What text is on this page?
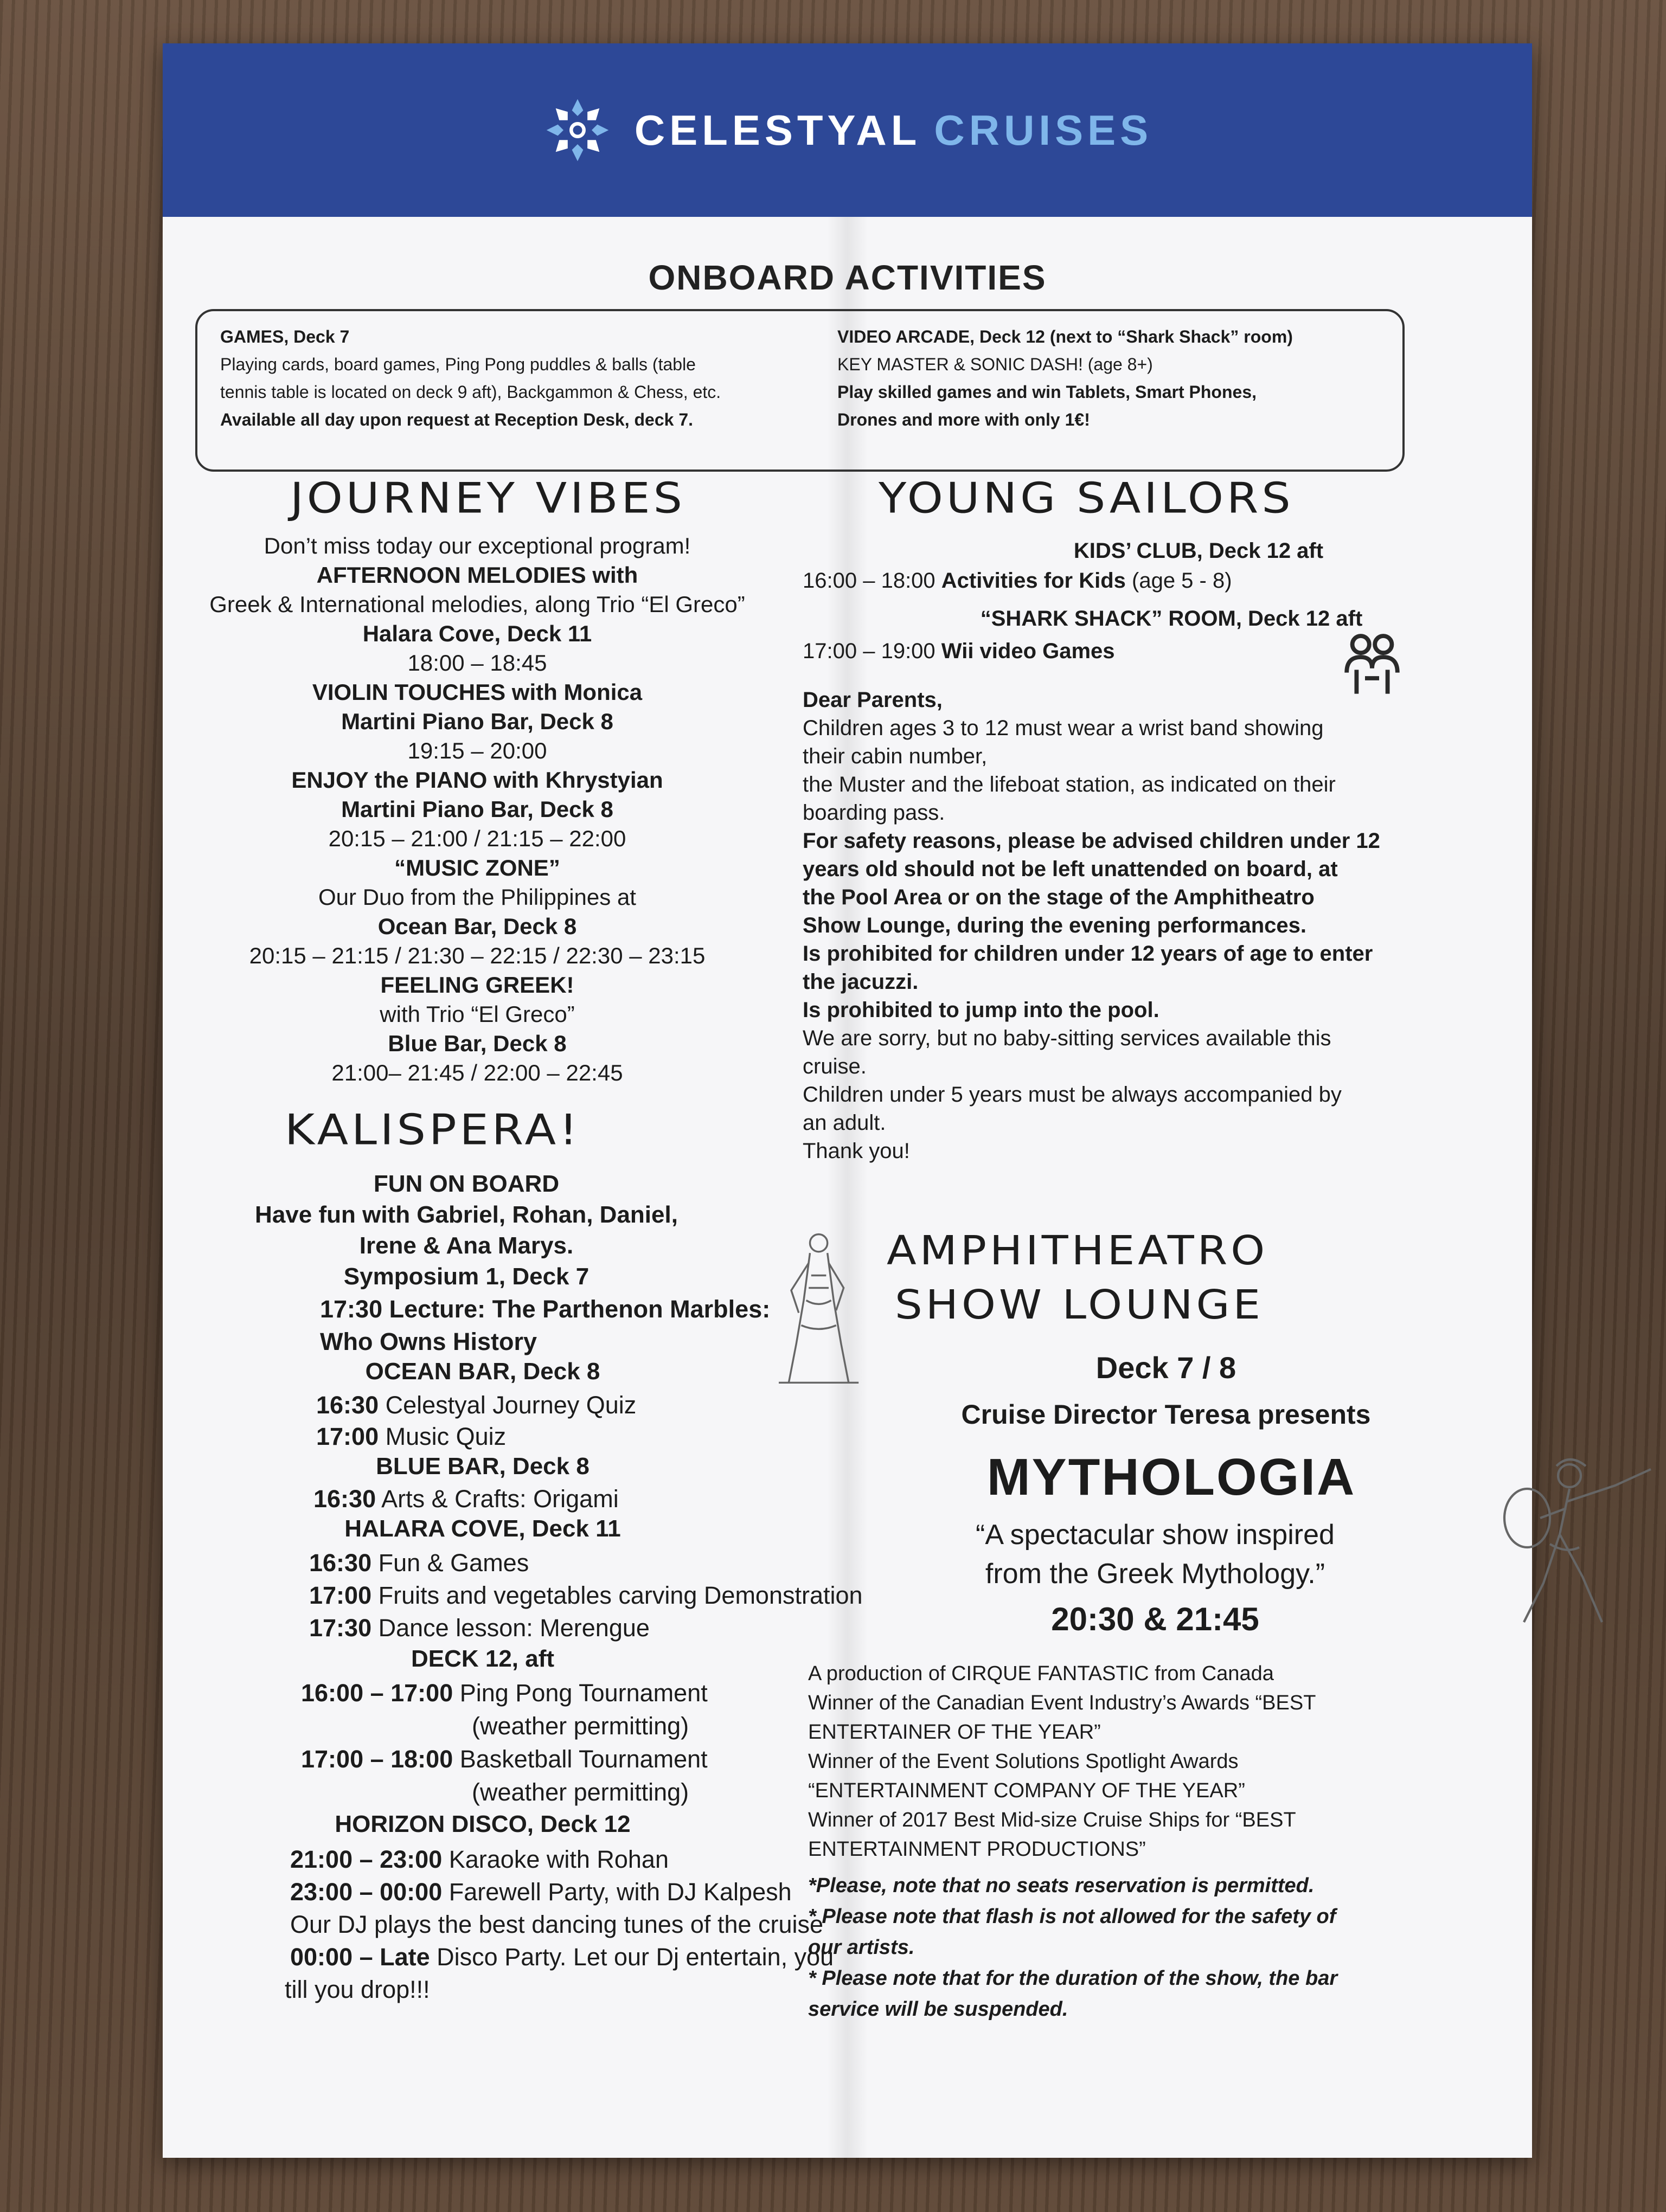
CELESTYAL CRUISES
ONBOARD ACTIVITIES
GAMES, Deck 7
Playing cards, board games, Ping Pong puddles & balls (table
tennis table is located on deck 9 aft), Backgammon & Chess, etc.
Available all day upon request at Reception Desk, deck 7.
VIDEO ARCADE, Deck 12 (next to “Shark Shack” room)
KEY MASTER & SONIC DASH! (age 8+)
Play skilled games and win Tablets, Smart Phones,
Drones and more with only 1€!
JOURNEY VIBES
Don’t miss today our exceptional program!
AFTERNOON MELODIES with
Greek & International melodies, along Trio “El Greco”
Halara Cove, Deck 11
18:00 – 18:45
VIOLIN TOUCHES with Monica
Martini Piano Bar, Deck 8
19:15 – 20:00
ENJOY the PIANO with Khrystyian
Martini Piano Bar, Deck 8
20:15 – 21:00 / 21:15 – 22:00
“MUSIC ZONE”
Our Duo from the Philippines at
Ocean Bar, Deck 8
20:15 – 21:15 / 21:30 – 22:15 / 22:30 – 23:15
FEELING GREEK!
with Trio “El Greco”
Blue Bar, Deck 8
21:00– 21:45 / 22:00 – 22:45
KALISPERA!
FUN ON BOARD
Have fun with Gabriel, Rohan, Daniel,
Irene & Ana Marys.
Symposium 1, Deck 7
17:30 Lecture: The Parthenon Marbles:
Who Owns History
OCEAN BAR, Deck 8
16:30 Celestyal Journey Quiz
17:00 Music Quiz
BLUE BAR, Deck 8
16:30 Arts & Crafts: Origami
HALARA COVE, Deck 11
16:30 Fun & Games
17:00 Fruits and vegetables carving Demonstration
17:30 Dance lesson: Merengue
DECK 12, aft
16:00 – 17:00 Ping Pong Tournament
(weather permitting)
17:00 – 18:00 Basketball Tournament
(weather permitting)
HORIZON DISCO, Deck 12
21:00 – 23:00 Karaoke with Rohan
23:00 – 00:00 Farewell Party, with DJ Kalpesh
Our DJ plays the best dancing tunes of the cruise
00:00 – Late Disco Party. Let our Dj entertain, you
till you drop!!!
YOUNG SAILORS
KIDS’ CLUB, Deck 12 aft
16:00 – 18:00 Activities for Kids (age 5 - 8)
“SHARK SHACK” ROOM, Deck 12 aft
17:00 – 19:00 Wii video Games
Dear Parents,
Children ages 3 to 12 must wear a wrist band showing
their cabin number,
the Muster and the lifeboat station, as indicated on their
boarding pass.
For safety reasons, please be advised children under 12
years old should not be left unattended on board, at
the Pool Area or on the stage of the Amphitheatro
Show Lounge, during the evening performances.
Is prohibited for children under 12 years of age to enter
the jacuzzi.
Is prohibited to jump into the pool.
We are sorry, but no baby-sitting services available this
cruise.
Children under 5 years must be always accompanied by
an adult.
Thank you!
AMPHITHEATRO
SHOW LOUNGE
Deck 7 / 8
Cruise Director Teresa presents
MYTHOLOGIA
“A spectacular show inspired
from the Greek Mythology.”
20:30 & 21:45
A production of CIRQUE FANTASTIC from Canada
Winner of the Canadian Event Industry’s Awards “BEST
ENTERTAINER OF THE YEAR”
Winner of the Event Solutions Spotlight Awards
“ENTERTAINMENT COMPANY OF THE YEAR”
Winner of 2017 Best Mid-size Cruise Ships for “BEST
ENTERTAINMENT PRODUCTIONS”
*Please, note that no seats reservation is permitted.
* Please note that flash is not allowed for the safety of
our artists.
* Please note that for the duration of the show, the bar
service will be suspended.
